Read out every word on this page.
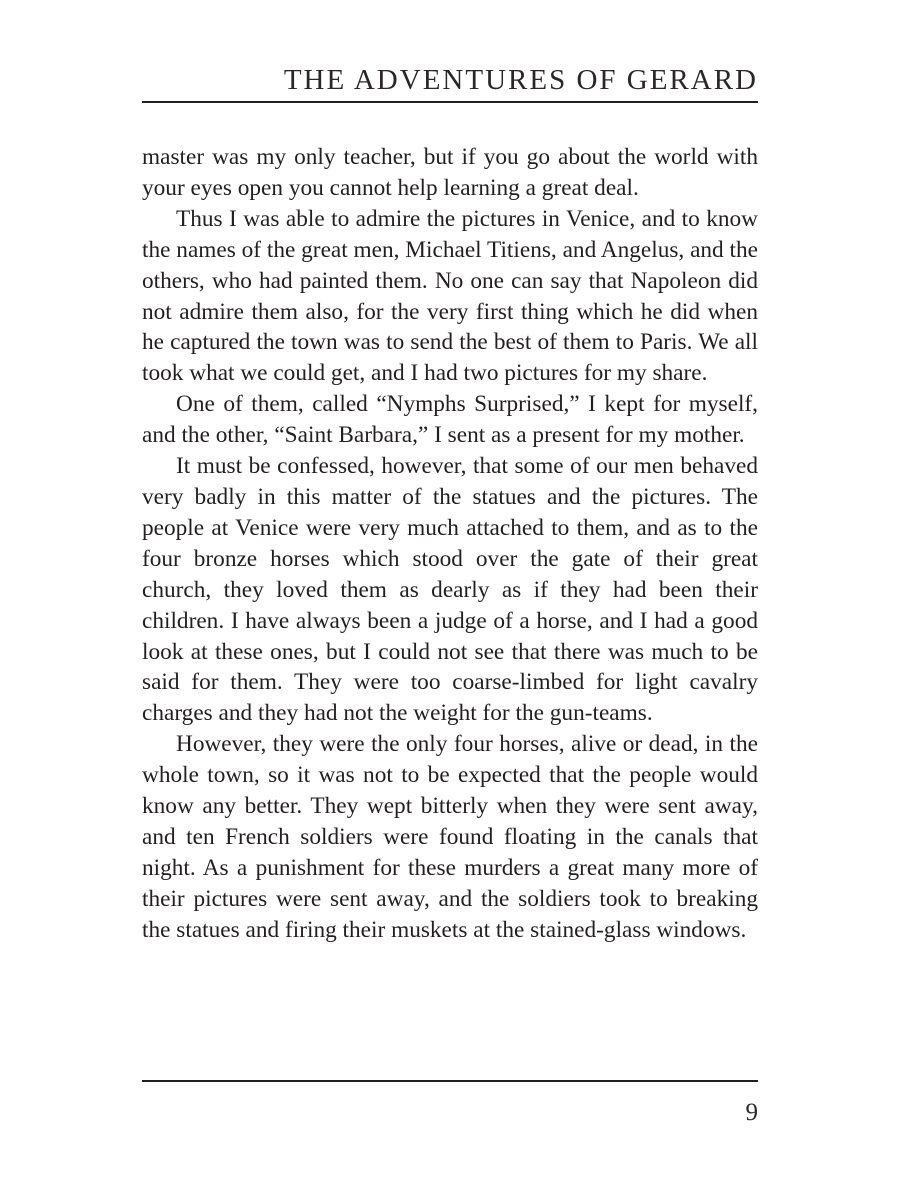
THE ADVENTURES OF GERARD

master was my only teacher, but if you go about the world with your eyes open you cannot help learning a great deal.

Thus I was able to admire the pictures in Venice, and to know the names of the great men, Michael Titiens, and Angelus, and the others, who had painted them. No one can say that Napoleon did not admire them also, for the very first thing which he did when he captured the town was to send the best of them to Paris. We all took what we could get, and I had two pictures for my share.

One of them, called “Nymphs Surprised,” I kept for myself, and the other, “Saint Barbara,” I sent as a present for my mother.

It must be confessed, however, that some of our men behaved very badly in this matter of the statues and the pictures. The people at Venice were very much attached to them, and as to the four bronze horses which stood over the gate of their great church, they loved them as dearly as if they had been their children. I have always been a judge of a horse, and I had a good look at these ones, but I could not see that there was much to be said for them. They were too coarse-limbed for light cavalry charges and they had not the weight for the gun-teams.

However, they were the only four horses, alive or dead, in the whole town, so it was not to be expected that the people would know any better. They wept bitterly when they were sent away, and ten French soldiers were found floating in the canals that night. As a punishment for these murders a great many more of their pictures were sent away, and the soldiers took to breaking the statues and firing their muskets at the stained-glass windows.

9
